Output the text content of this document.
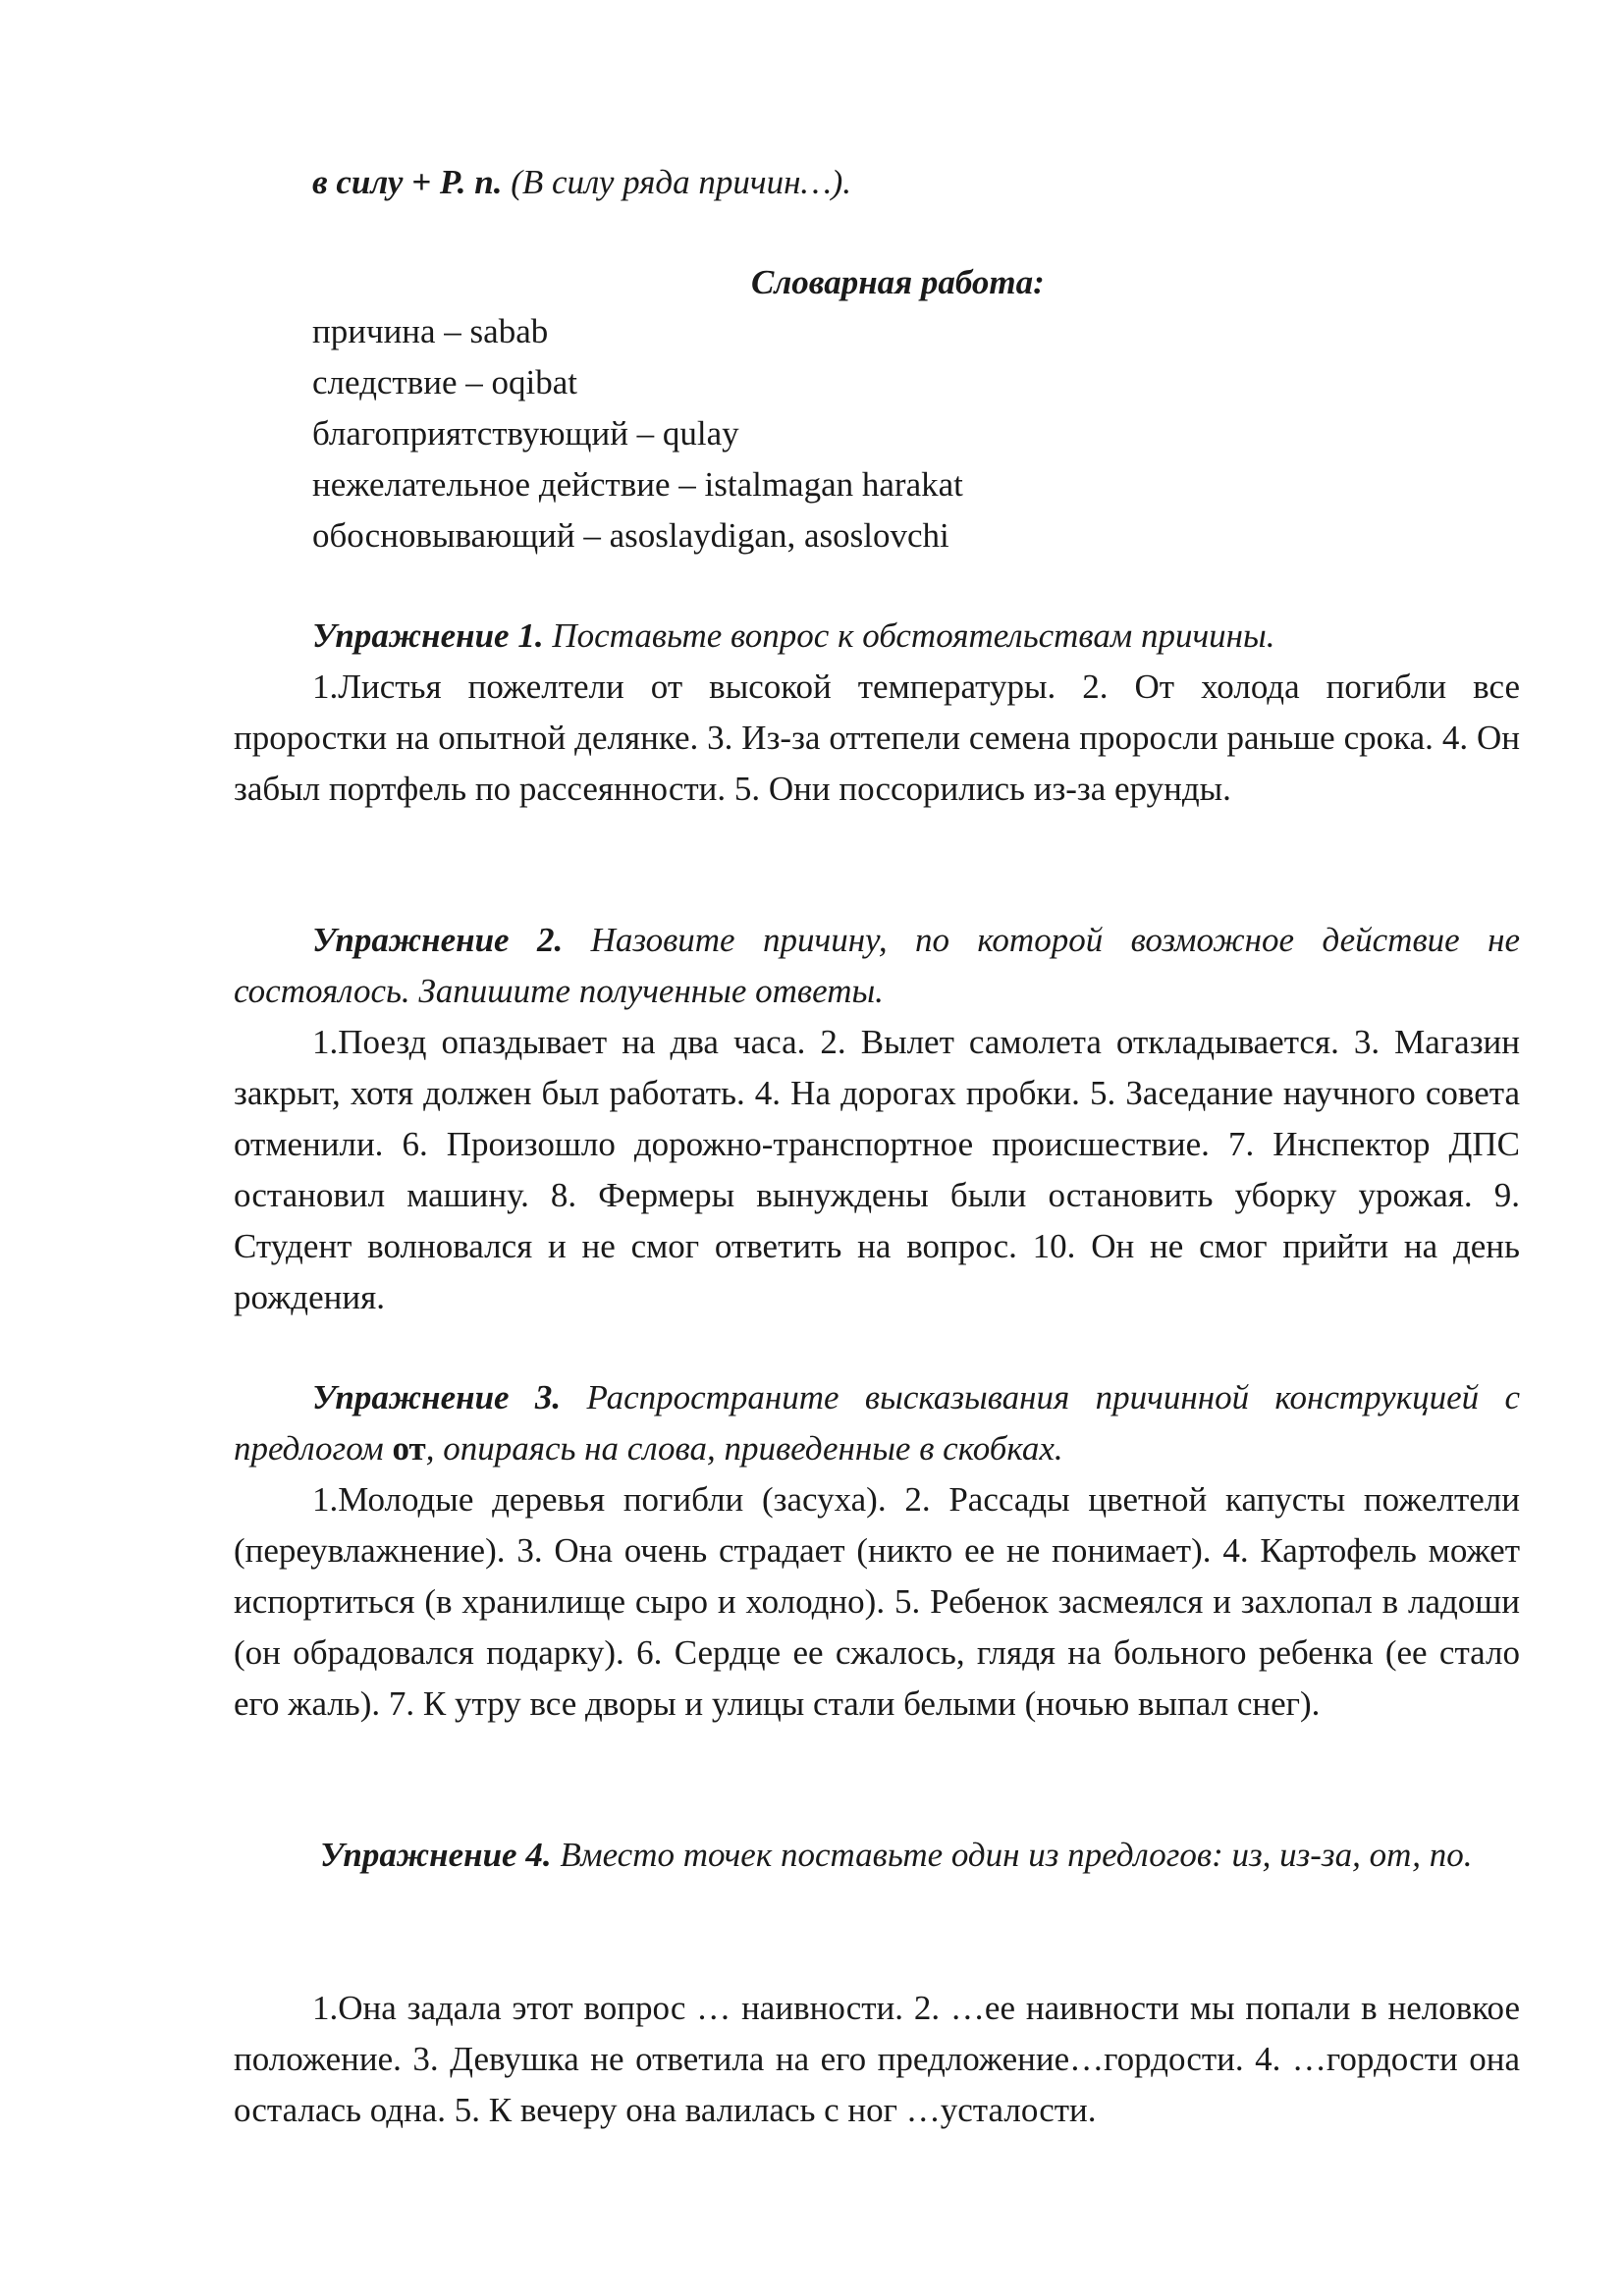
в силу + Р. п. (В силу ряда причин…).
Словарная работа:
причина – sabab
следствие – oqibat
благоприятствующий – qulay
нежелательное действие – istalmagan harakat
обосновывающий – asoslaydigan, asoslovchi
Упражнение 1. Поставьте вопрос к обстоятельствам причины.
1.Листья пожелтели от высокой температуры. 2. От холода погибли все проростки на опытной делянке. 3. Из-за оттепели семена проросли раньше срока. 4. Он забыл портфель по рассеянности. 5. Они поссорились из-за ерунды.
Упражнение 2. Назовите причину, по которой возможное действие не состоялось. Запишите полученные ответы.
1.Поезд опаздывает на два часа. 2. Вылет самолета откладывается. 3. Магазин закрыт, хотя должен был работать. 4. На дорогах пробки. 5. Заседание научного совета отменили. 6. Произошло дорожно-транспортное происшествие. 7. Инспектор ДПС остановил машину. 8. Фермеры вынуждены были остановить уборку урожая. 9. Студент волновался и не смог ответить на вопрос. 10. Он не смог прийти на день рождения.
Упражнение 3. Распространите высказывания причинной конструкцией с предлогом от, опираясь на слова, приведенные в скобках.
1.Молодые деревья погибли (засуха). 2. Рассады цветной капусты пожелтели (переувлажнение). 3. Она очень страдает (никто ее не понимает). 4. Картофель может испортиться (в хранилище сыро и холодно). 5. Ребенок засмеялся и захлопал в ладоши (он обрадовался подарку). 6. Сердце ее сжалось, глядя на больного ребенка (ее стало его жаль). 7. К утру все дворы и улицы стали белыми (ночью выпал снег).
Упражнение 4. Вместо точек поставьте один из предлогов: из, из-за, от, по.
1.Она задала этот вопрос … наивности. 2. …ее наивности мы попали в неловкое положение. 3. Девушка не ответила на его предложение…гордости. 4. …гордости она осталась одна. 5. К вечеру она валилась с ног …усталости.
